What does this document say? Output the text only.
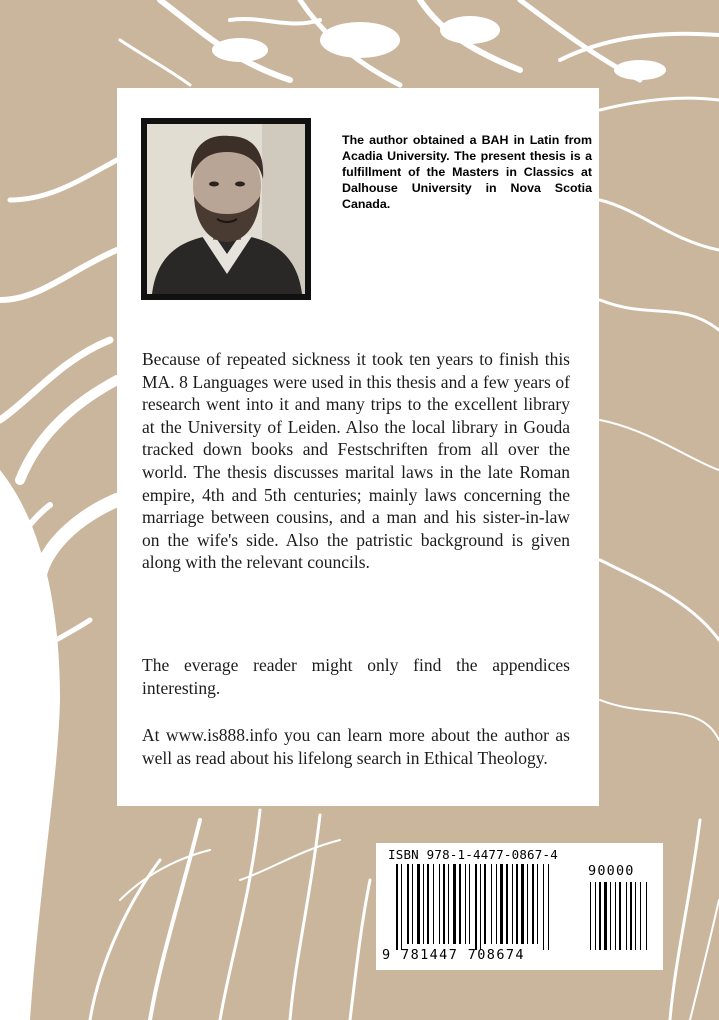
The author obtained a BAH in Latin from Acadia University. The present thesis is a fulfillment of the Masters in Classics at Dalhouse University in Nova Scotia Canada.

Because of repeated sickness it took ten years to finish this MA. 8 Languages were used in this thesis and a few years of research went into it and many trips to the excellent library at the University of Leiden. Also the local library in Gouda tracked down books and Festschriften from all over the world. The thesis discusses marital laws in the late Roman empire, 4th and 5th centuries; mainly laws concerning the marriage between cousins, and a man and his sister-in-law on the wife's side. Also the patristic background is given along with the relevant councils.

The everage reader might only find the appendices interesting.

At www.is888.info you can learn more about the author as well as read about his lifelong search in Ethical Theology.

ISBN 978-1-4477-0867-4

9 781447 708674

90000
